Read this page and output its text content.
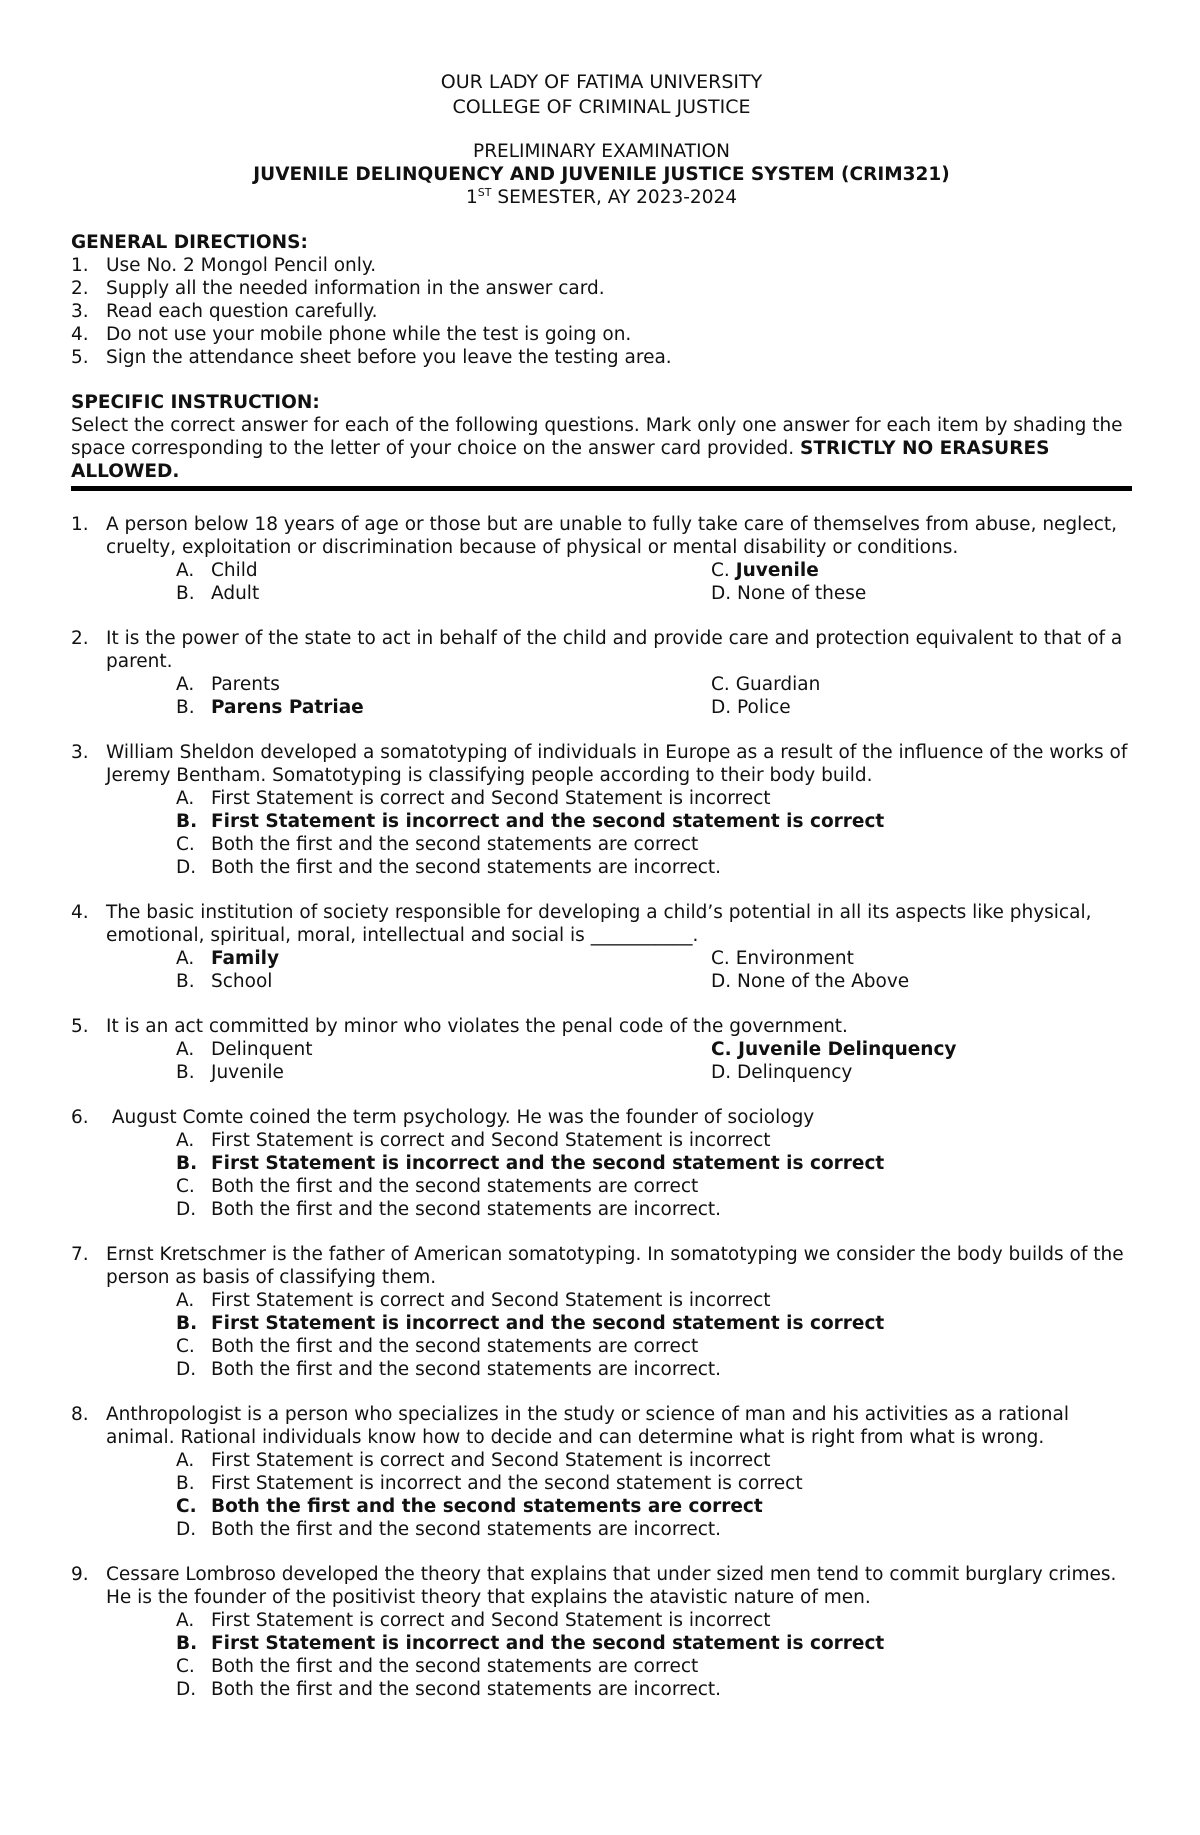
OUR LADY OF FATIMA UNIVERSITY
COLLEGE OF CRIMINAL JUSTICE
PRELIMINARY EXAMINATION
JUVENILE DELINQUENCY AND JUVENILE JUSTICE SYSTEM (CRIM321)
1ST SEMESTER, AY 2023-2024
GENERAL DIRECTIONS:
1. Use No. 2 Mongol Pencil only.
2. Supply all the needed information in the answer card.
3. Read each question carefully.
4. Do not use your mobile phone while the test is going on.
5. Sign the attendance sheet before you leave the testing area.
SPECIFIC INSTRUCTION:
Select the correct answer for each of the following questions. Mark only one answer for each item by shading the space corresponding to the letter of your choice on the answer card provided. STRICTLY NO ERASURES ALLOWED.
1. A person below 18 years of age or those but are unable to fully take care of themselves from abuse, neglect, cruelty, exploitation or discrimination because of physical or mental disability or conditions.
A. Child	C. Juvenile
B. Adult	D. None of these
2. It is the power of the state to act in behalf of the child and provide care and protection equivalent to that of a parent.
A. Parents	C. Guardian
B. Parens Patriae	D. Police
3. William Sheldon developed a somatotyping of individuals in Europe as a result of the influence of the works of Jeremy Bentham. Somatotyping is classifying people according to their body build.
A. First Statement is correct and Second Statement is incorrect
B. First Statement is incorrect and the second statement is correct
C. Both the first and the second statements are correct
D. Both the first and the second statements are incorrect.
4. The basic institution of society responsible for developing a child’s potential in all its aspects like physical, emotional, spiritual, moral, intellectual and social is ___________.
A. Family	C. Environment
B. School	D. None of the Above
5. It is an act committed by minor who violates the penal code of the government.
A. Delinquent	C. Juvenile Delinquency
B. Juvenile	D. Delinquency
6. August Comte coined the term psychology. He was the founder of sociology
A. First Statement is correct and Second Statement is incorrect
B. First Statement is incorrect and the second statement is correct
C. Both the first and the second statements are correct
D. Both the first and the second statements are incorrect.
7. Ernst Kretschmer is the father of American somatotyping. In somatotyping we consider the body builds of the person as basis of classifying them.
A. First Statement is correct and Second Statement is incorrect
B. First Statement is incorrect and the second statement is correct
C. Both the first and the second statements are correct
D. Both the first and the second statements are incorrect.
8. Anthropologist is a person who specializes in the study or science of man and his activities as a rational animal. Rational individuals know how to decide and can determine what is right from what is wrong.
A. First Statement is correct and Second Statement is incorrect
B. First Statement is incorrect and the second statement is correct
C. Both the first and the second statements are correct
D. Both the first and the second statements are incorrect.
9. Cessare Lombroso developed the theory that explains that under sized men tend to commit burglary crimes. He is the founder of the positivist theory that explains the atavistic nature of men.
A. First Statement is correct and Second Statement is incorrect
B. First Statement is incorrect and the second statement is correct
C. Both the first and the second statements are correct
D. Both the first and the second statements are incorrect.
